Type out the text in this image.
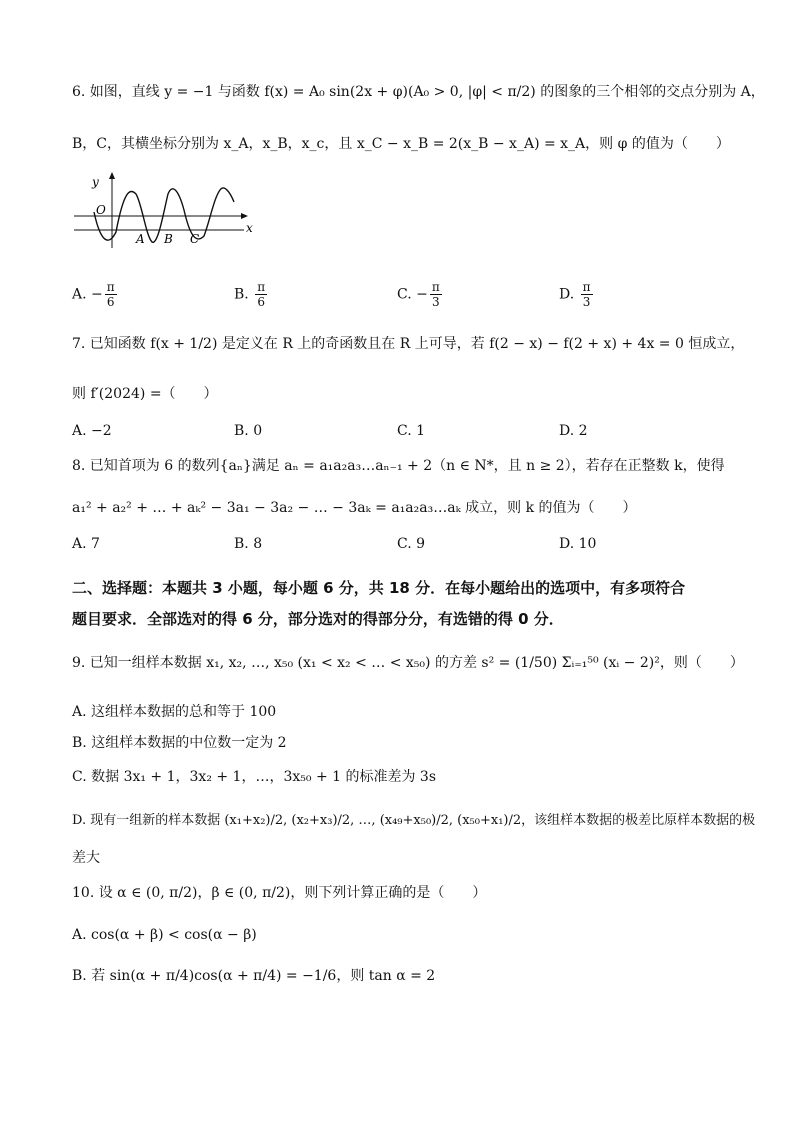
6. 如图，直线 y = −1 与函数 f(x) = A₀ sin(2x + φ)(A₀ > 0, |φ| < π/2) 的图象的三个相邻的交点分别为 A，
B，C，其横坐标分别为 x_A，x_B，x_c，且 x_C − x_B = 2(x_B − x_A) = x_A，则 φ 的值为（　　）
y
x
O
A B C
A. − $\frac{\pi}{6}$	B. $\frac{\pi}{6}$	C. − $\frac{\pi}{3}$	D. $\frac{\pi}{3}$
7. 已知函数 f(x + 1/2) 是定义在 R 上的奇函数且在 R 上可导，若 f(2 − x) − f(2 + x) + 4x = 0 恒成立，
则 f′(2024) =（　　）
A. −2	B. 0	C. 1	D. 2
8. 已知首项为 6 的数列{aₙ}满足 aₙ = a₁a₂a₃…aₙ₋₁ + 2（n ∈ N*，且 n ≥ 2），若存在正整数 k，使得
a₁² + a₂² + … + aₖ² − 3a₁ − 3a₂ − … − 3aₖ = a₁a₂a₃…aₖ 成立，则 k 的值为（　　）
A. 7	B. 8	C. 9	D. 10
二、选择题：本题共 3 小题，每小题 6 分，共 18 分．在每小题给出的选项中，有多项符合
题目要求．全部选对的得 6 分，部分选对的得部分分，有选错的得 0 分．
9. 已知一组样本数据 x₁, x₂, …, x₅₀ (x₁ < x₂ < … < x₅₀) 的方差 s² = (1/50) Σᵢ₌₁⁵⁰ (xᵢ − 2)²，则（　　）
A. 这组样本数据的总和等于 100
B. 这组样本数据的中位数一定为 2
C. 数据 3x₁ + 1，3x₂ + 1，…，3x₅₀ + 1 的标准差为 3s
D. 现有一组新的样本数据 (x₁+x₂)/2, (x₂+x₃)/2, …, (x₄₉+x₅₀)/2, (x₅₀+x₁)/2，该组样本数据的极差比原样本数据的极
差大
10. 设 α ∈ (0, π/2)，β ∈ (0, π/2)，则下列计算正确的是（　　）
A. cos(α + β) < cos(α − β)
B. 若 sin(α + π/4)cos(α + π/4) = −1/6，则 tan α = 2
